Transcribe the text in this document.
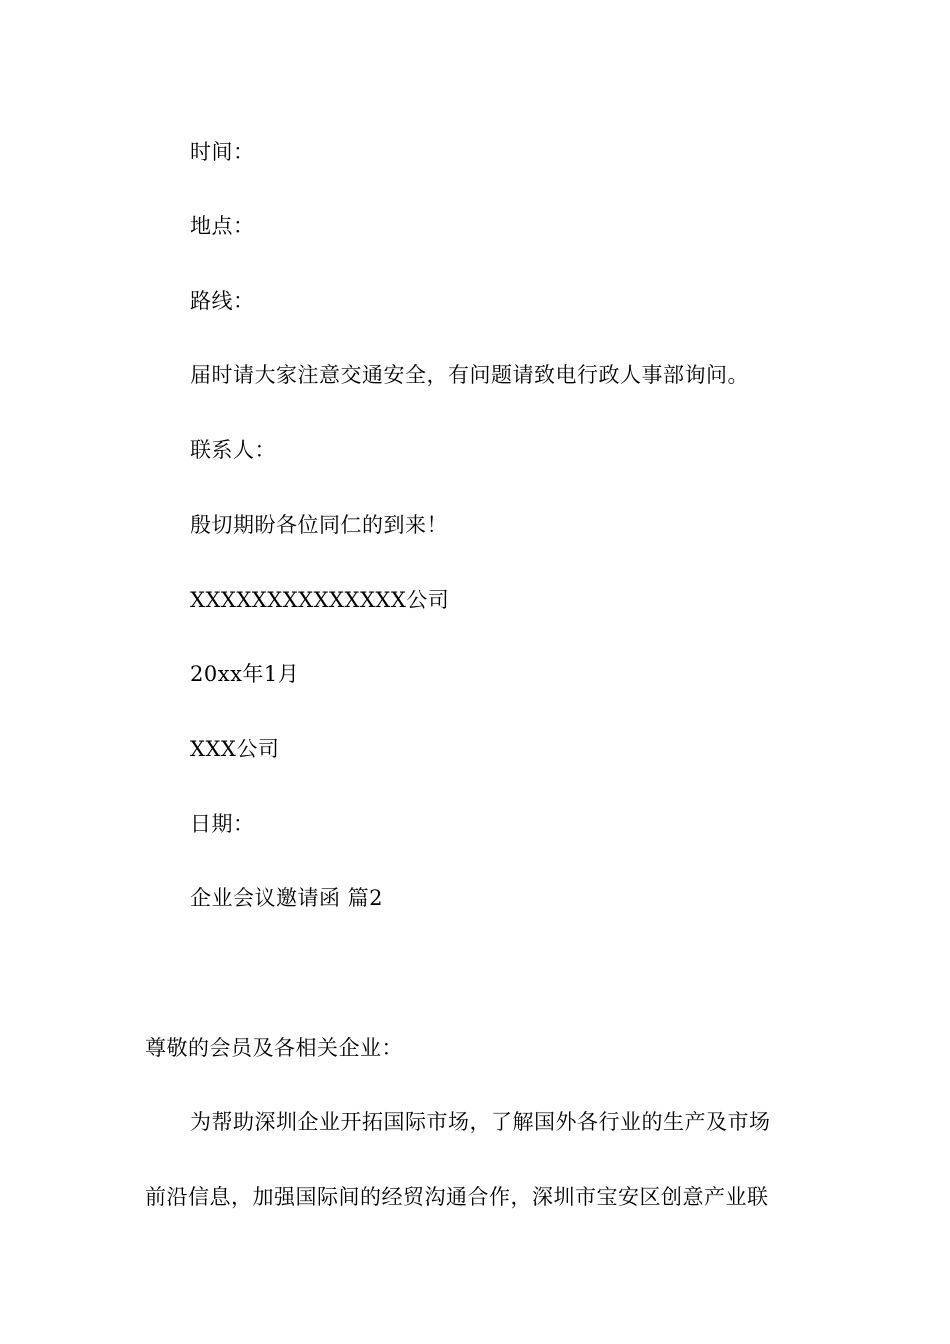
时间：
地点：
路线：
届时请大家注意交通安全，有问题请致电行政人事部询问。
联系人：
殷切期盼各位同仁的到来！
XXXXXXXXXXXXXX公司
20xx年1月
XXX公司
日期：
企业会议邀请函 篇2
尊敬的会员及各相关企业：
为帮助深圳企业开拓国际市场，了解国外各行业的生产及市场
前沿信息，加强国际间的经贸沟通合作，深圳市宝安区创意产业联
